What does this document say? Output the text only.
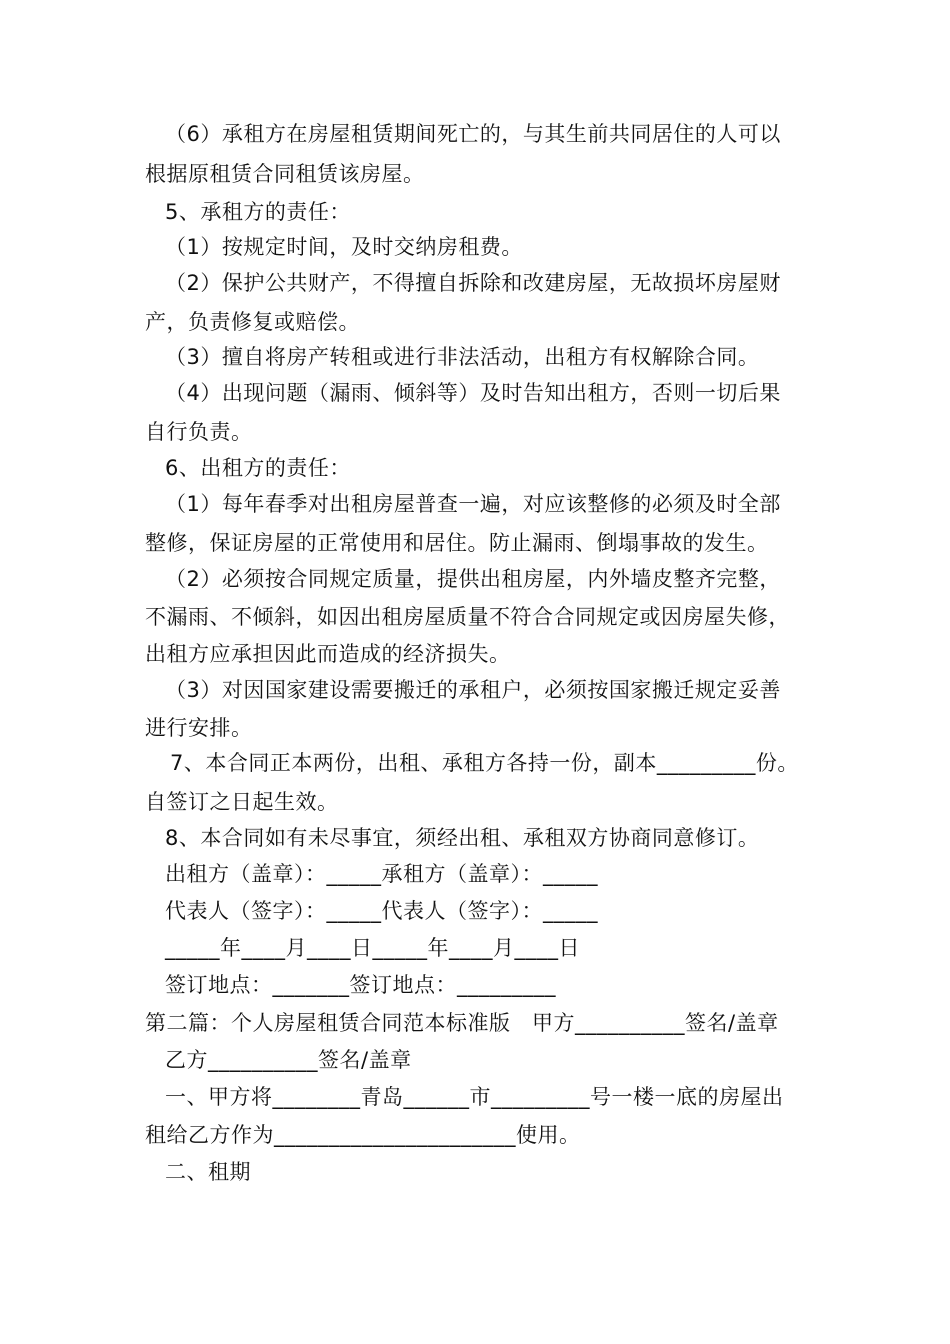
（6）承租方在房屋租赁期间死亡的，与其生前共同居住的人可以
根据原租赁合同租赁该房屋。
5、承租方的责任：
（1）按规定时间，及时交纳房租费。
（2）保护公共财产，不得擅自拆除和改建房屋，无故损坏房屋财
产，负责修复或赔偿。
（3）擅自将房产转租或进行非法活动，出租方有权解除合同。
（4）出现问题（漏雨、倾斜等）及时告知出租方，否则一切后果
自行负责。
6、出租方的责任：
（1）每年春季对出租房屋普查一遍，对应该整修的必须及时全部
整修，保证房屋的正常使用和居住。防止漏雨、倒塌事故的发生。
（2）必须按合同规定质量，提供出租房屋，内外墙皮整齐完整，
不漏雨、不倾斜，如因出租房屋质量不符合合同规定或因房屋失修，
出租方应承担因此而造成的经济损失。
（3）对因国家建设需要搬迁的承租户，必须按国家搬迁规定妥善
进行安排。
7、本合同正本两份，出租、承租方各持一份，副本_________份。
自签订之日起生效。
8、本合同如有未尽事宜，须经出租、承租双方协商同意修订。
出租方（盖章）：_____承租方（盖章）：_____
代表人（签字）：_____代表人（签字）：_____
_____年____月____日_____年____月____日
签订地点：_______签订地点：_________
第二篇：个人房屋租赁合同范本标准版　甲方__________签名/盖章
乙方__________签名/盖章
一、甲方将________青岛______市_________号一楼一底的房屋出
租给乙方作为______________________使用。
二、租期
